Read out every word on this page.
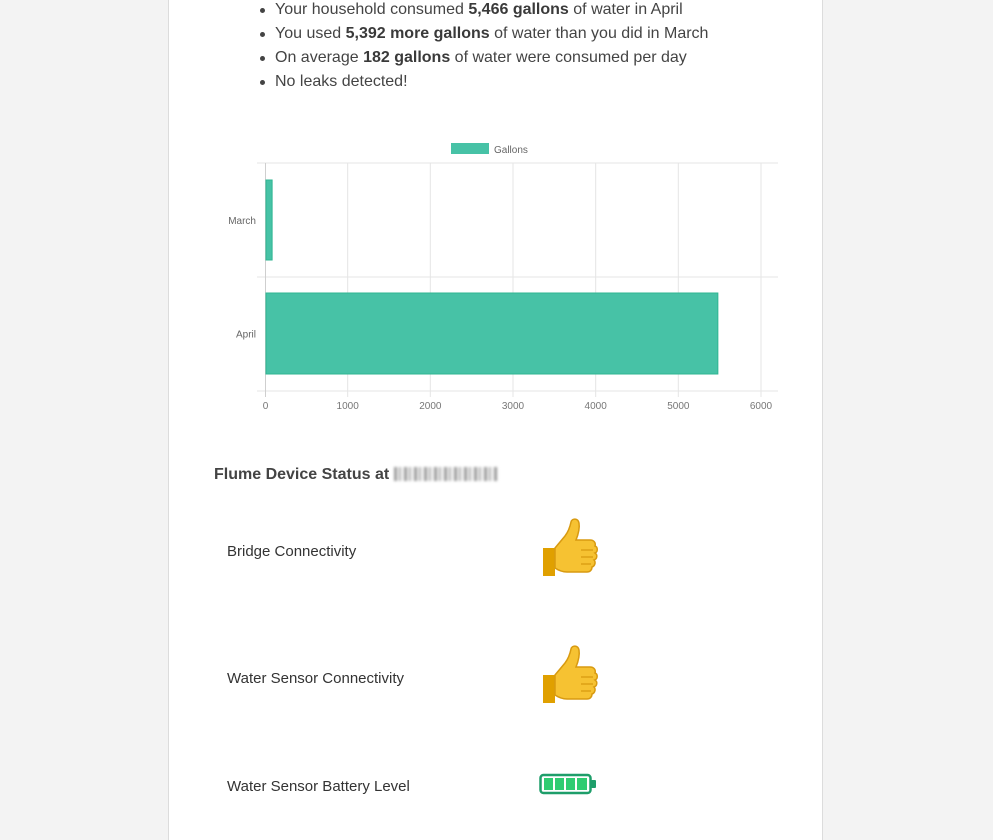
Your household consumed 5,466 gallons of water in April
You used 5,392 more gallons of water than you did in March
On average 182 gallons of water were consumed per day
No leaks detected!
Gallons
0	1000	2000	3000	4000	5000	6000
March
April
Flume Device Status at
Bridge Connectivity
Water Sensor Connectivity
Water Sensor Battery Level
